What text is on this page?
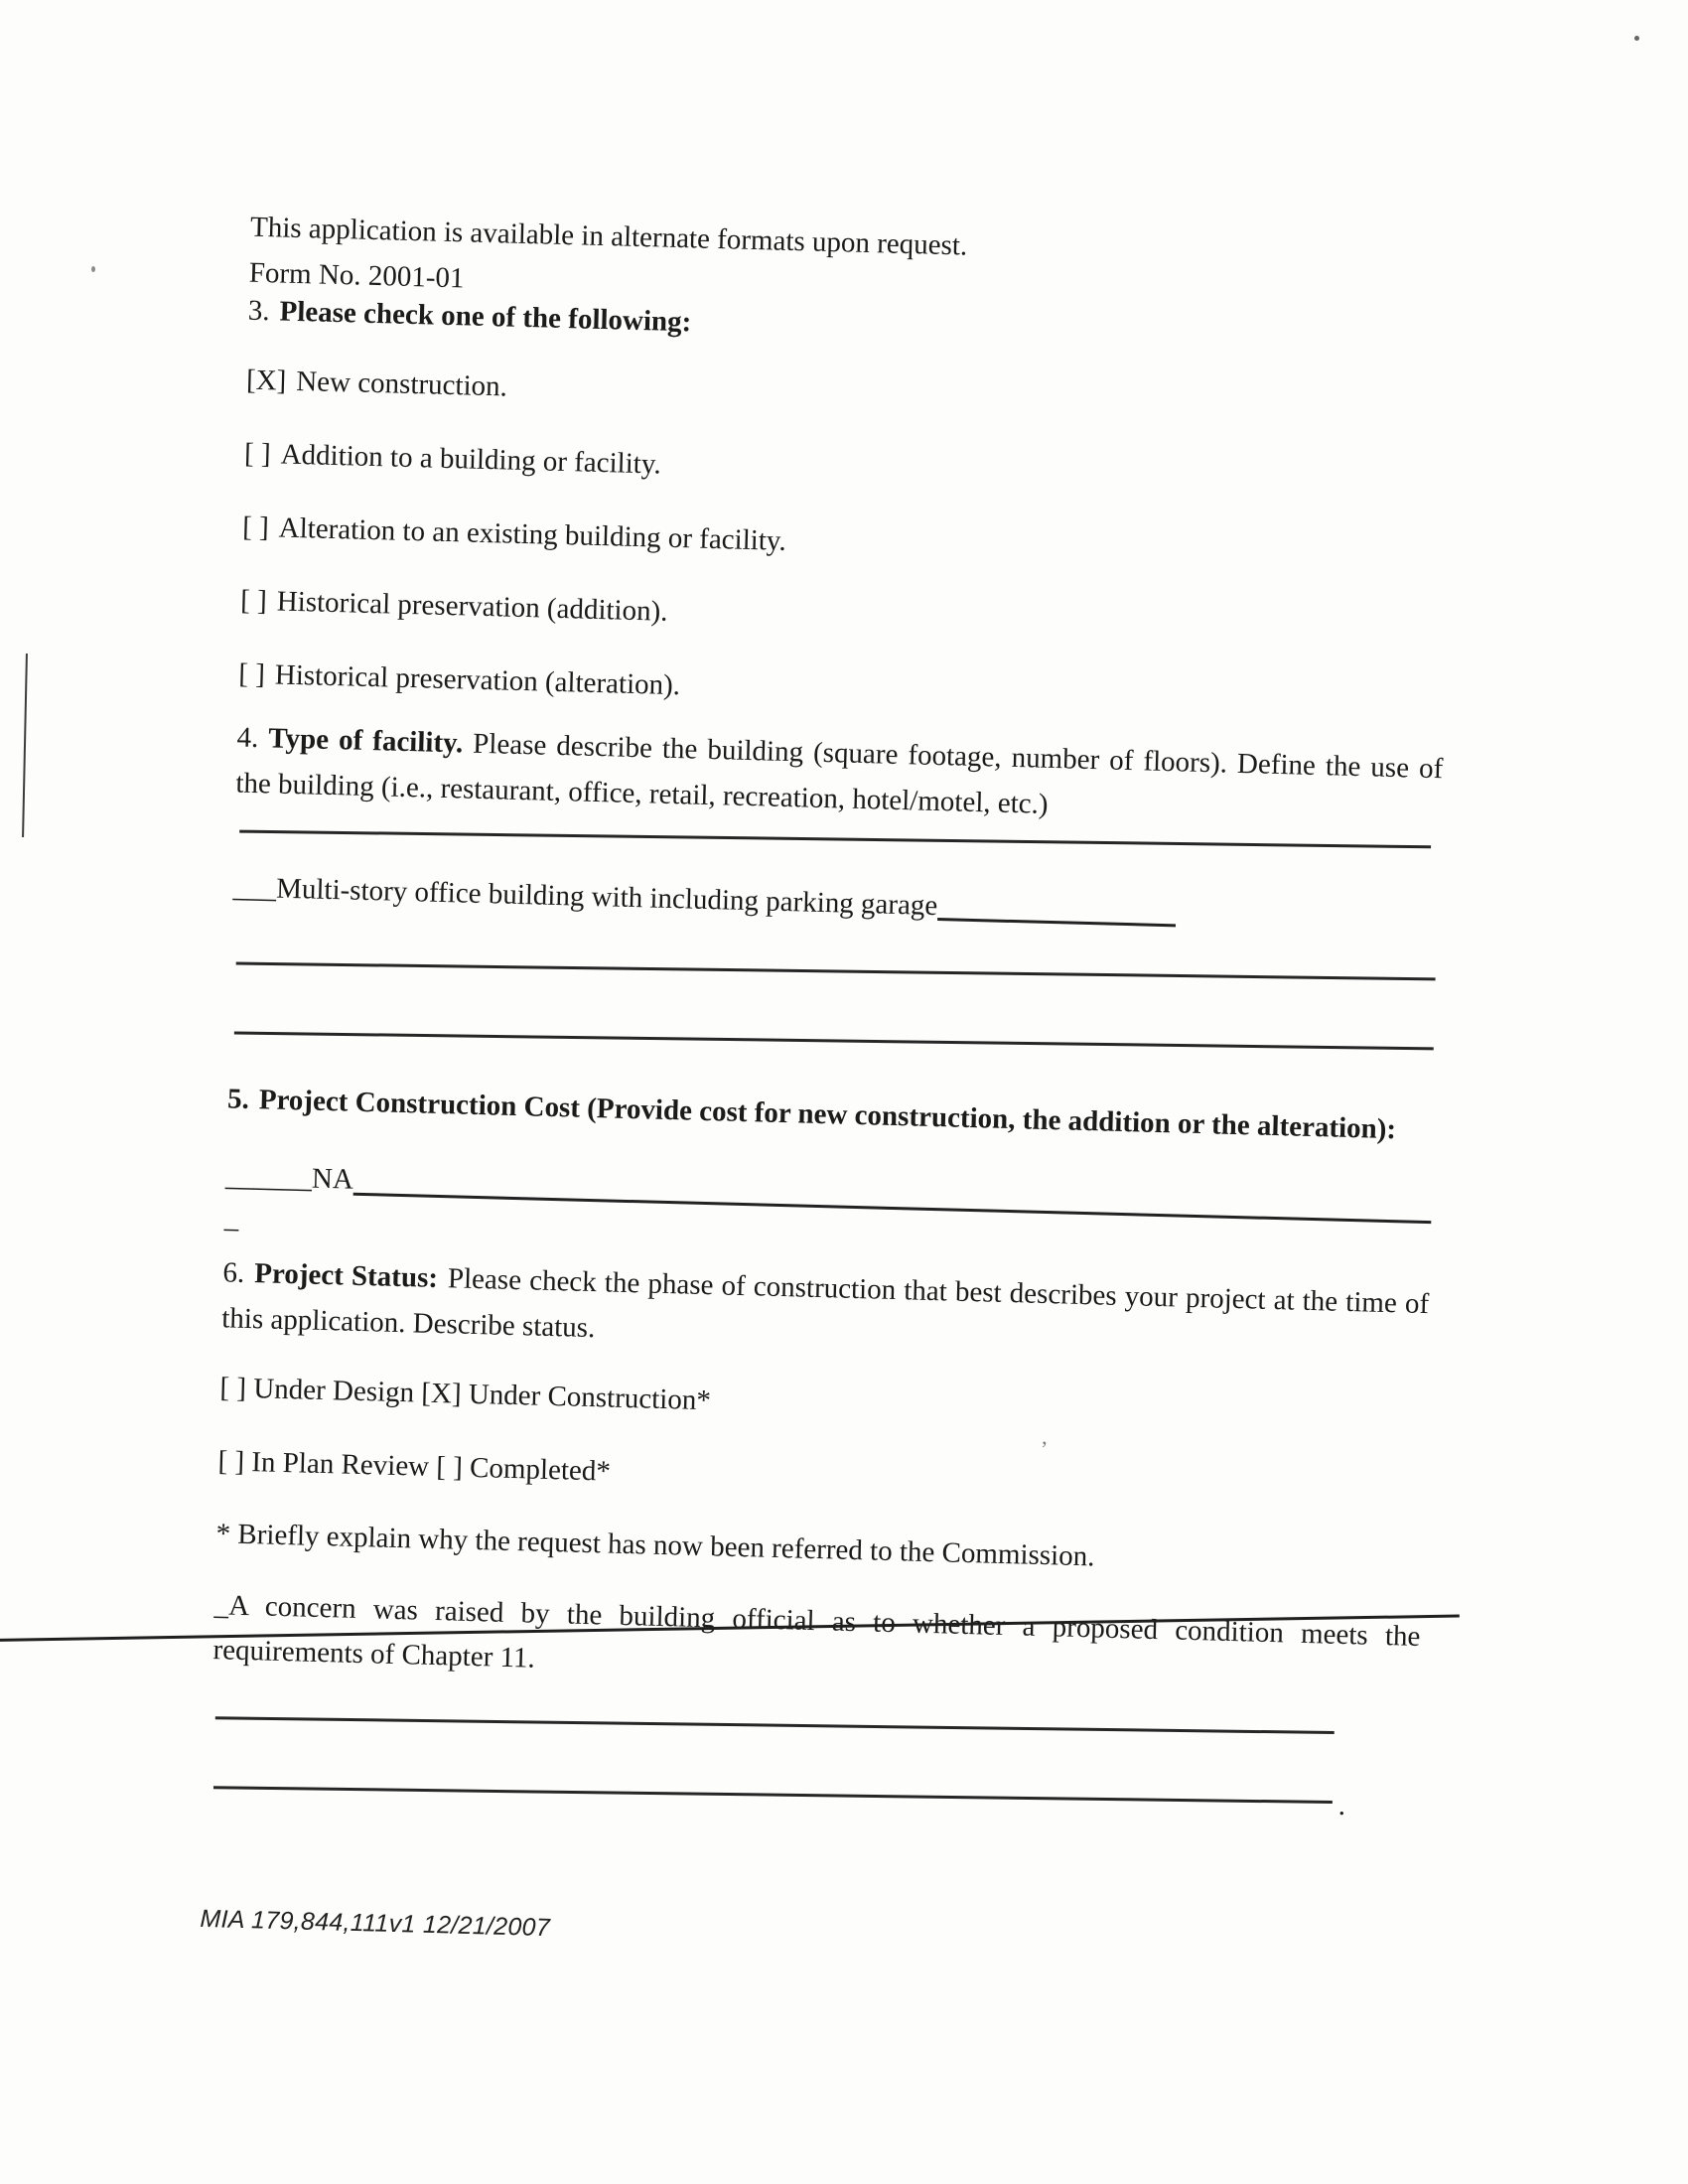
This application is available in alternate formats upon request.
Form No. 2001-01
3. Please check one of the following:
[X] New construction.
[ ] Addition to a building or facility.
[ ] Alteration to an existing building or facility.
[ ] Historical preservation (addition).
[ ] Historical preservation (alteration).
4. Type of facility. Please describe the building (square footage, number of floors). Define the use of the building (i.e., restaurant, office, retail, recreation, hotel/motel, etc.)
___Multi-story office building with including parking garage
5. Project Construction Cost (Provide cost for new construction, the addition or the alteration):
______ NA
_
6. Project Status: Please check the phase of construction that best describes your project at the time of this application. Describe status.
[ ] Under Design [X] Under Construction*
[ ] In Plan Review [ ] Completed*
* Briefly explain why the request has now been referred to the Commission.
_A concern was raised by the building official as to whether a proposed condition meets the requirements of Chapter 11.
.
MIA 179,844,111v1 12/21/2007
’
